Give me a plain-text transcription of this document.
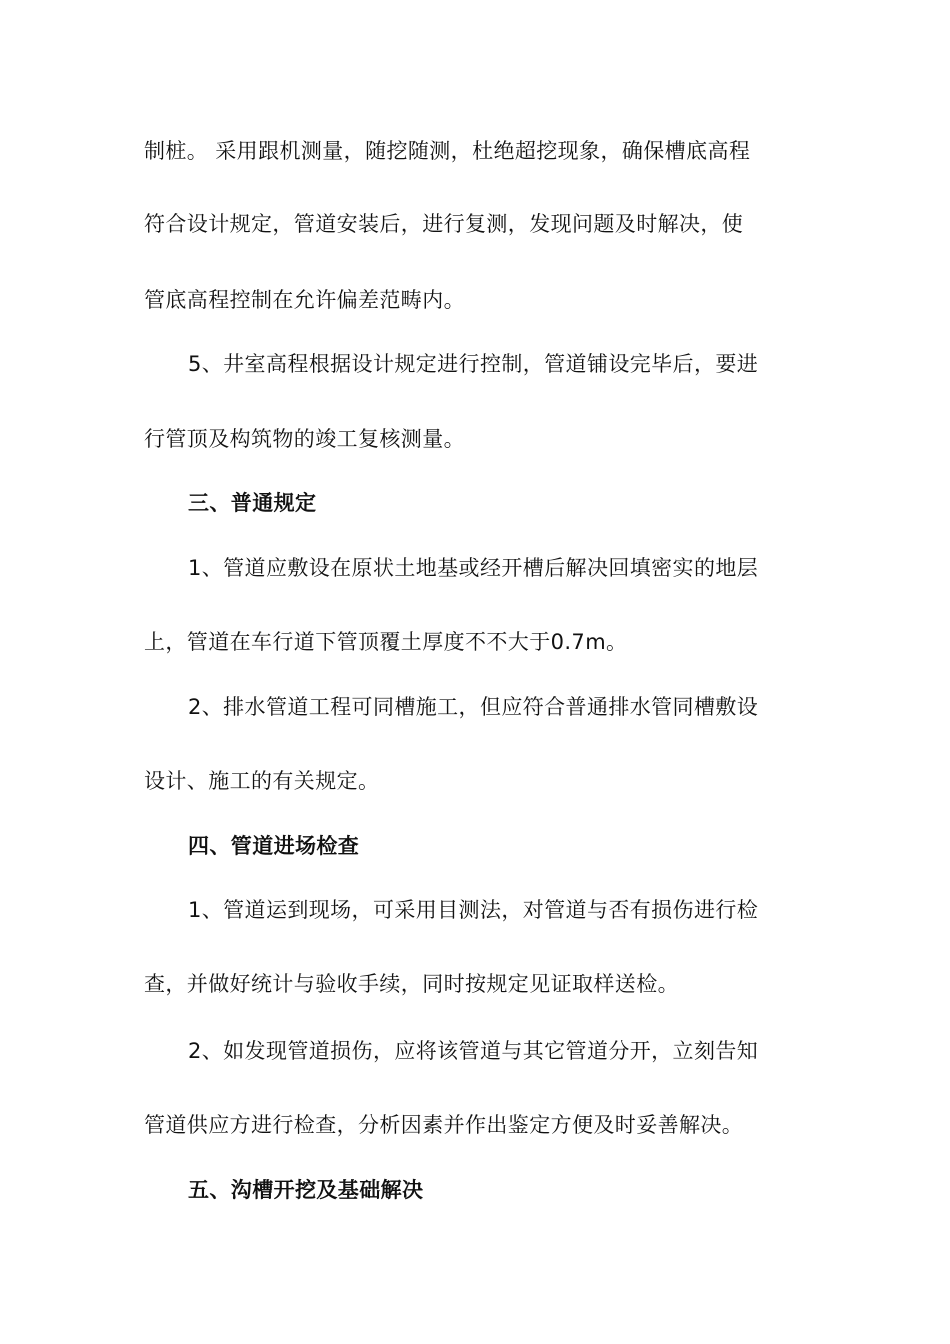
制桩。 采用跟机测量，随挖随测，杜绝超挖现象，确保槽底高程
符合设计规定，管道安装后，进行复测，发现问题及时解决，使
管底高程控制在允许偏差范畴内。
5、井室高程根据设计规定进行控制，管道铺设完毕后，要进
行管顶及构筑物的竣工复核测量。
三、普通规定
1、管道应敷设在原状土地基或经开槽后解决回填密实的地层
上，管道在车行道下管顶覆土厚度不不大于0.7m。
2、排水管道工程可同槽施工，但应符合普通排水管同槽敷设
设计、施工的有关规定。
四、管道进场检查
1、管道运到现场，可采用目测法，对管道与否有损伤进行检
查，并做好统计与验收手续，同时按规定见证取样送检。
2、如发现管道损伤，应将该管道与其它管道分开，立刻告知
管道供应方进行检查，分析因素并作出鉴定方便及时妥善解决。
五、沟槽开挖及基础解决
